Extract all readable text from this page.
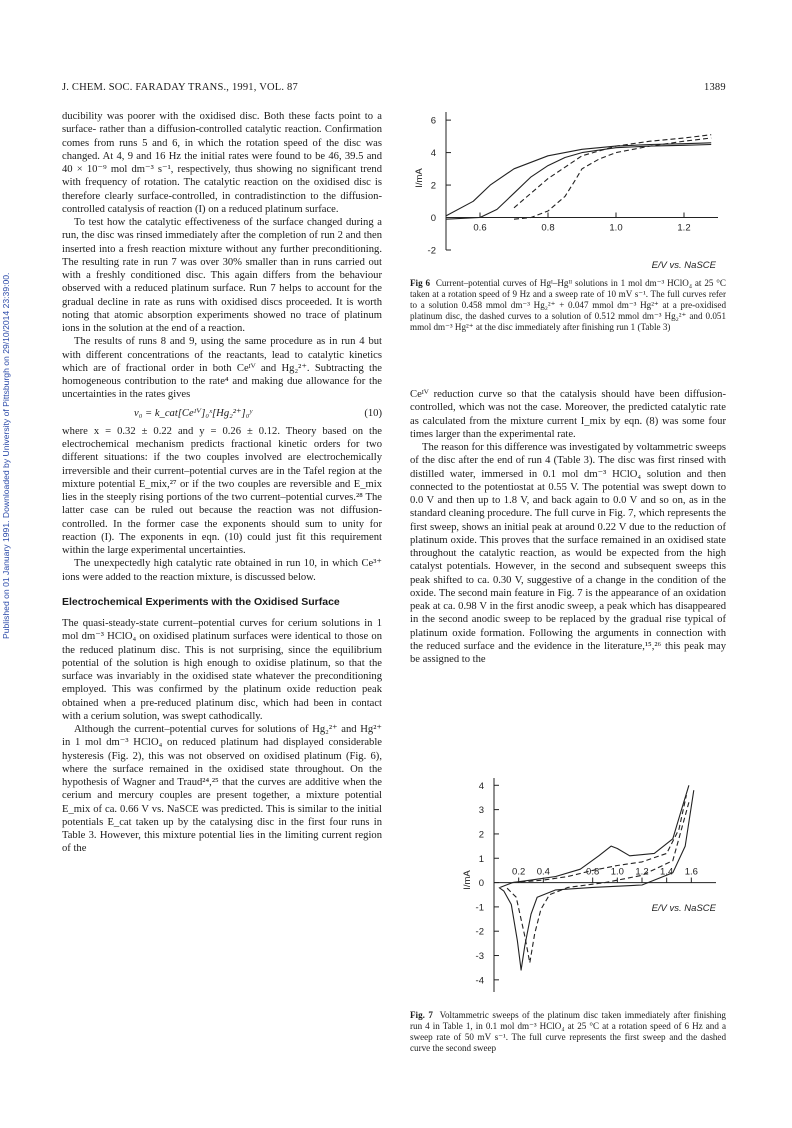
J. CHEM. SOC. FARADAY TRANS., 1991, VOL. 87	1389
Published on 01 January 1991. Downloaded by University of Pittsburgh on 29/10/2014 23:39:00.

ducibility was poorer with the oxidised disc. Both these facts point to a surface- rather than a diffusion-controlled catalytic reaction. Confirmation comes from runs 5 and 6, in which the rotation speed of the disc was changed. At 4, 9 and 16 Hz the initial rates were found to be 46, 39.5 and 40 × 10⁻⁹ mol dm⁻³ s⁻¹, respectively, thus showing no significant trend with frequency of rotation. The catalytic reaction on the oxidised disc is therefore clearly surface-controlled, in contradistinction to the diffusion-controlled catalysis of reaction (I) on a reduced platinum surface.

To test how the catalytic effectiveness of the surface changed during a run, the disc was rinsed immediately after the completion of run 2 and then inserted into a fresh reaction mixture without any further preconditioning. The resulting rate in run 7 was over 30% smaller than in runs carried out with a freshly conditioned disc. This again differs from the behaviour observed with a reduced platinum surface. Run 7 helps to account for the gradual decline in rate as runs with oxidised discs proceeded. It is worth noting that atomic absorption experiments showed no trace of platinum ions in the solution at the end of a reaction.

The results of runs 8 and 9, using the same procedure as in run 4 but with different concentrations of the reactants, lead to catalytic kinetics which are of fractional order in both Ceᴵⱽ and Hg₂²⁺. Subtracting the homogeneous contribution to the rate⁴ and making due allowance for the uncertainties in the rates gives

v₀ = k_cat[Ceᴵⱽ]₀ˣ[Hg₂²⁺]₀ʸ	(10)

where x = 0.32 ± 0.22 and y = 0.26 ± 0.12. Theory based on the electrochemical mechanism predicts fractional kinetic orders for two different situations: if the two couples involved are electrochemically irreversible and their current–potential curves are in the Tafel region at the mixture potential E_mix,²⁷ or if the two couples are reversible and E_mix lies in the steeply rising portions of the two current–potential curves.²⁸ The latter case can be ruled out because the reaction was not diffusion-controlled. In the former case the exponents should sum to unity for reaction (I). The exponents in eqn. (10) could just fit this requirement within the large experimental uncertainties.

The unexpectedly high catalytic rate obtained in run 10, in which Ce³⁺ ions were added to the reaction mixture, is discussed below.

Electrochemical Experiments with the Oxidised Surface

The quasi-steady-state current–potential curves for cerium solutions in 1 mol dm⁻³ HClO₄ on oxidised platinum surfaces were identical to those on the reduced platinum disc. This is not surprising, since the equilibrium potential of the solution is high enough to oxidise platinum, so that the surface was invariably in the oxidised state whatever the preconditioning employed. This was confirmed by the platinum oxide reduction peak obtained when a pre-reduced platinum disc, which had been in contact with a cerium solution, was swept cathodically.

Although the current–potential curves for solutions of Hg₂²⁺ and Hg²⁺ in 1 mol dm⁻³ HClO₄ on reduced platinum had displayed considerable hysteresis (Fig. 2), this was not observed on oxidised platinum (Fig. 6), where the surface remained in the oxidised state throughout. On the hypothesis of Wagner and Traud²⁴,²⁵ that the curves are additive when the cerium and mercury couples are present together, a mixture potential E_mix of ca. 0.66 V vs. NaSCE was predicted. This is similar to the initial potentials E_cat taken up by the catalysing disc in the first four runs in Table 3. However, this mixture potential lies in the limiting current region of the

-2
0
2
4
6
0.6	0.8	1.0	1.2
I/mA
E/V vs. NaSCE
Fig 6 Current–potential curves of Hgᴵ–Hgᴵᴵ solutions in 1 mol dm⁻³ HClO₄ at 25 °C taken at a rotation speed of 9 Hz and a sweep rate of 10 mV s⁻¹. The full curves refer to a solution 0.458 mmol dm⁻³ Hg₂²⁺ + 0.047 mmol dm⁻³ Hg²⁺ at a pre-oxidised platinum disc, the dashed curves to a solution of 0.512 mmol dm⁻³ Hg₂²⁺ and 0.051 mmol dm⁻³ Hg²⁺ at the disc immediately after finishing run 1 (Table 3)

Ceᴵⱽ reduction curve so that the catalysis should have been diffusion-controlled, which was not the case. Moreover, the predicted catalytic rate as calculated from the mixture current I_mix by eqn. (8) was some four times larger than the experimental rate.

The reason for this difference was investigated by voltammetric sweeps of the disc after the end of run 4 (Table 3). The disc was first rinsed with distilled water, immersed in 0.1 mol dm⁻³ HClO₄ solution and then connected to the potentiostat at 0.55 V. The potential was swept down to 0.0 V and then up to 1.8 V, and back again to 0.0 V and so on, as in the standard cleaning procedure. The full curve in Fig. 7, which represents the first sweep, shows an initial peak at around 0.22 V due to the reduction of platinum oxide. This proves that the surface remained in an oxidised state throughout the catalytic reaction, as would be expected from the high catalyst potentials. However, in the second and subsequent sweeps this peak shifted to ca. 0.30 V, suggestive of a change in the condition of the oxide. The second main feature in Fig. 7 is the appearance of an oxidation peak at ca. 0.98 V in the first anodic sweep, a peak which has disappeared in the second anodic sweep to be replaced by the gradual rise typical of platinum oxide formation. Following the arguments in connection with the reduced surface and the evidence in the literature,¹⁵,²⁶ this peak may be assigned to the

-4
-3
-2
-1
0
1
2
3
4
0.2 0.4	0.8 1.0 1.2 1.4 1.6
I/mA
E/V vs. NaSCE
Fig. 7 Voltammetric sweeps of the platinum disc taken immediately after finishing run 4 in Table 1, in 0.1 mol dm⁻³ HClO₄ at 25 °C at a rotation speed of 6 Hz and a sweep rate of 50 mV s⁻¹. The full curve represents the first sweep and the dashed curve the second sweep
